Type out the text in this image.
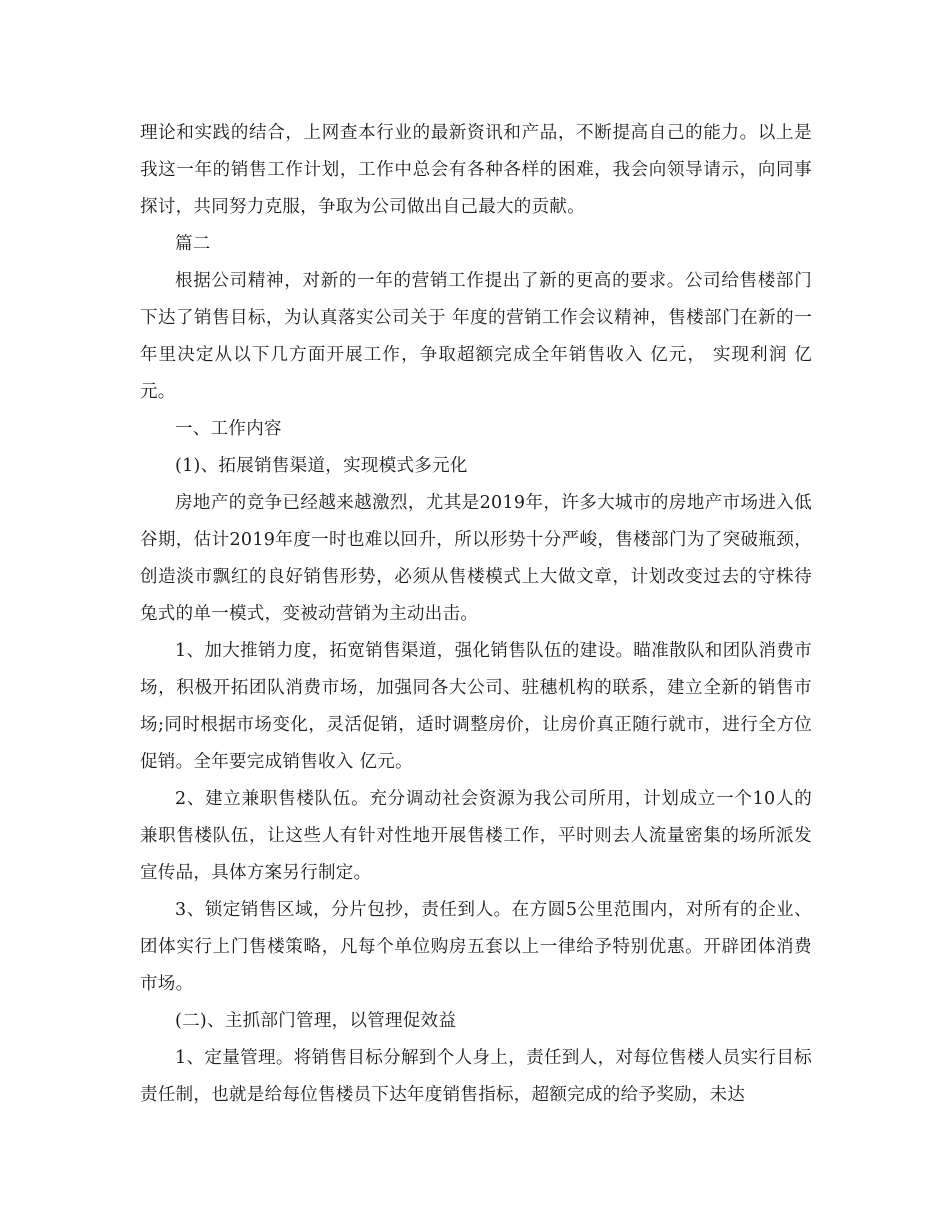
理论和实践的结合，上网查本行业的最新资讯和产品，不断提高自己的能力。以上是我这一年的销售工作计划，工作中总会有各种各样的困难，我会向领导请示，向同事探讨，共同努力克服，争取为公司做出自己最大的贡献。

篇二

根据公司精神，对新的一年的营销工作提出了新的更高的要求。公司给售楼部门下达了销售目标，为认真落实公司关于 年度的营销工作会议精神，售楼部门在新的一年里决定从以下几方面开展工作，争取超额完成全年销售收入 亿元， 实现利润 亿元。

一、工作内容

(1)、拓展销售渠道，实现模式多元化

房地产的竞争已经越来越激烈，尤其是2019年，许多大城市的房地产市场进入低谷期，估计2019年度一时也难以回升，所以形势十分严峻，售楼部门为了突破瓶颈，创造淡市飘红的良好销售形势，必须从售楼模式上大做文章，计划改变过去的守株待兔式的单一模式，变被动营销为主动出击。

1、加大推销力度，拓宽销售渠道，强化销售队伍的建设。瞄准散队和团队消费市场，积极开拓团队消费市场，加强同各大公司、驻穗机构的联系，建立全新的销售市场;同时根据市场变化，灵活促销，适时调整房价，让房价真正随行就市，进行全方位促销。全年要完成销售收入 亿元。

2、建立兼职售楼队伍。充分调动社会资源为我公司所用，计划成立一个10人的兼职售楼队伍，让这些人有针对性地开展售楼工作，平时则去人流量密集的场所派发宣传品，具体方案另行制定。

3、锁定销售区域，分片包抄，责任到人。在方圆5公里范围内，对所有的企业、团体实行上门售楼策略，凡每个单位购房五套以上一律给予特别优惠。开辟团体消费市场。

(二)、主抓部门管理，以管理促效益

1、定量管理。将销售目标分解到个人身上，责任到人，对每位售楼人员实行目标责任制，也就是给每位售楼员下达年度销售指标，超额完成的给予奖励，未达
